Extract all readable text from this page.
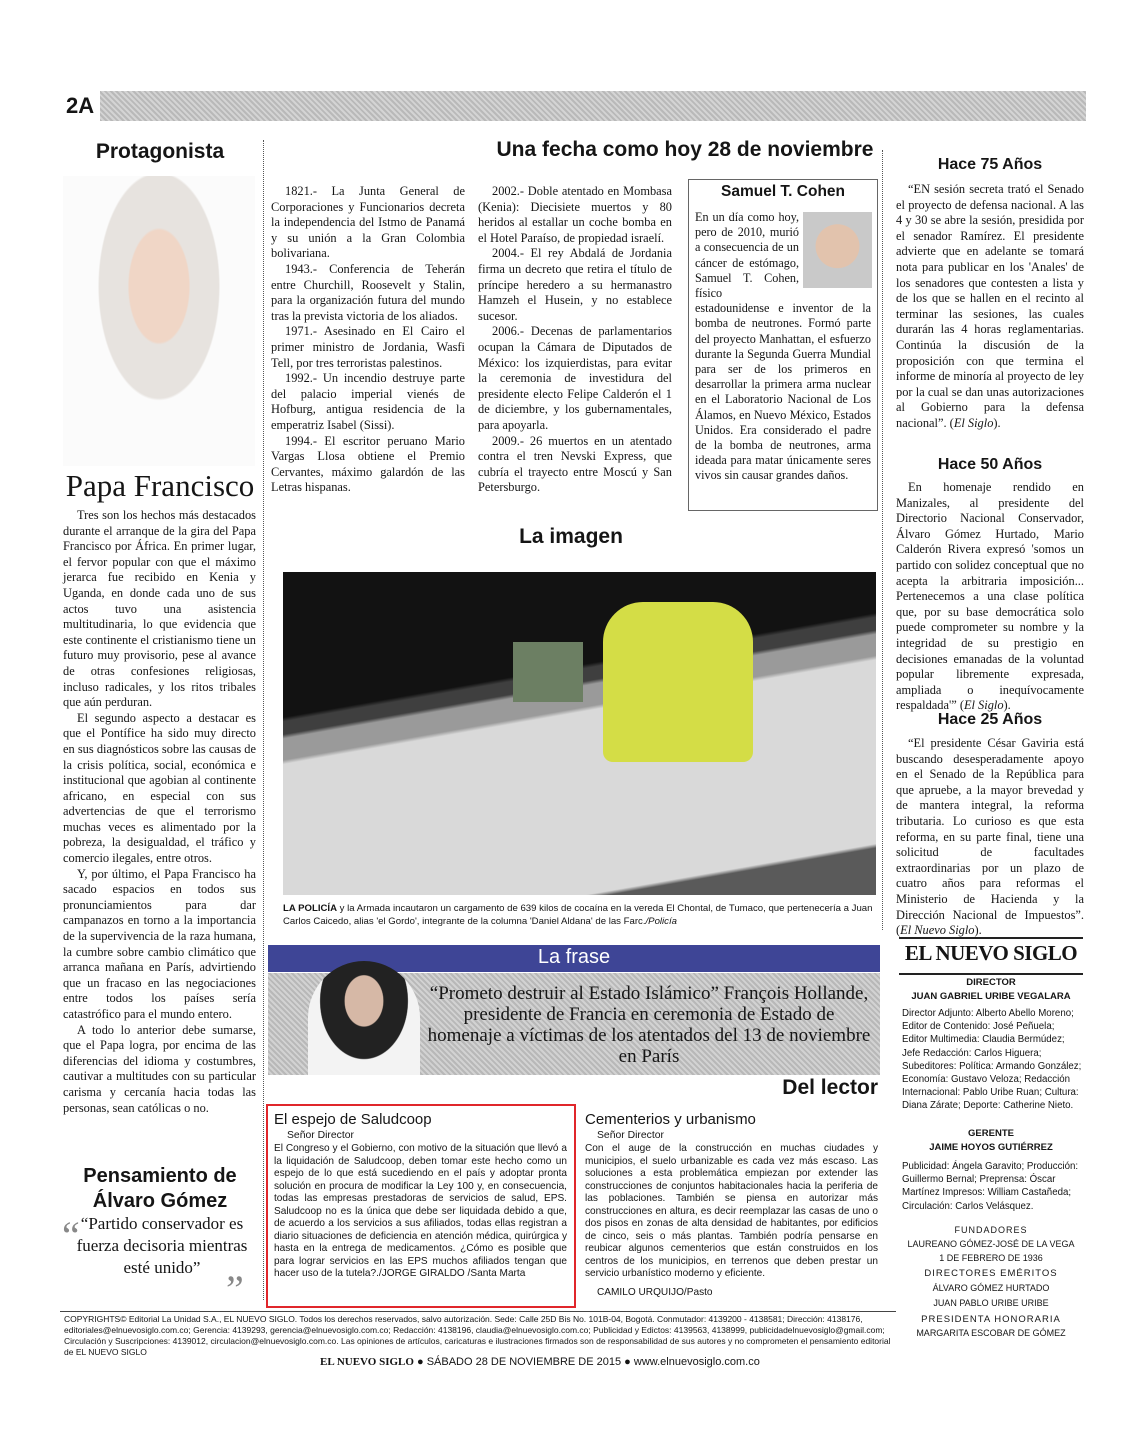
2A
Protagonista
Papa Francisco

Tres son los hechos más destacados durante el arranque de la gira del Papa Francisco por África. En primer lugar, el fervor popular con que el máximo jerarca fue recibido en Kenia y Uganda, en donde cada uno de sus actos tuvo una asistencia multitudinaria, lo que evidencia que este continente el cristianismo tiene un futuro muy provisorio, pese al avance de otras confesiones religiosas, incluso radicales, y los ritos tribales que aún perduran.

El segundo aspecto a destacar es que el Pontífice ha sido muy directo en sus diagnósticos sobre las causas de la crisis política, social, económica e institucional que agobian al continente africano, en especial con sus advertencias de que el terrorismo muchas veces es alimentado por la pobreza, la desigualdad, el tráfico y comercio ilegales, entre otros.

Y, por último, el Papa Francisco ha sacado espacios en todos sus pronunciamientos para dar campanazos en torno a la importancia de la supervivencia de la raza humana, la cumbre sobre cambio climático que arranca mañana en París, advirtiendo que un fracaso en las negociaciones entre todos los países sería catastrófico para el mundo entero.

A todo lo anterior debe sumarse, que el Papa logra, por encima de las diferencias del idioma y costumbres, cautivar a multitudes con su particular carisma y cercanía hacia todas las personas, sean católicas o no.

Pensamiento de Álvaro Gómez
“ “Partido conservador es fuerza decisoria mientras esté unido” ”
Una fecha como hoy 28 de noviembre

1821.- La Junta General de Corporaciones y Funcionarios decreta la independencia del Istmo de Panamá y su unión a la Gran Colombia bolivariana.

1943.- Conferencia de Teherán entre Churchill, Roosevelt y Stalin, para la organización futura del mundo tras la prevista victoria de los aliados.

1971.- Asesinado en El Cairo el primer ministro de Jordania, Wasfi Tell, por tres terroristas palestinos.

1992.- Un incendio destruye parte del palacio imperial vienés de Hofburg, antigua residencia de la emperatriz Isabel (Sissi).

1994.- El escritor peruano Mario Vargas Llosa obtiene el Premio Cervantes, máximo galardón de las Letras hispanas.

2002.- Doble atentado en Mombasa (Kenia): Diecisiete muertos y 80 heridos al estallar un coche bomba en el Hotel Paraíso, de propiedad israelí.

2004.- El rey Abdalá de Jordania firma un decreto que retira el título de príncipe heredero a su hermanastro Hamzeh el Husein, y no establece sucesor.

2006.- Decenas de parlamentarios ocupan la Cámara de Diputados de México: los izquierdistas, para evitar la ceremonia de investidura del presidente electo Felipe Calderón el 1 de diciembre, y los gubernamentales, para apoyarla.

2009.- 26 muertos en un atentado contra el tren Nevski Express, que cubría el trayecto entre Moscú y San Petersburgo.

Samuel T. Cohen
En un día como hoy, pero de 2010, murió a consecuencia de un cáncer de estómago, Samuel T. Cohen, físico estadounidense e inventor de la bomba de neutrones. Formó parte del proyecto Manhattan, el esfuerzo durante la Segunda Guerra Mundial para ser de los primeros en desarrollar la primera arma nuclear en el Laboratorio Nacional de Los Álamos, en Nuevo México, Estados Unidos. Era considerado el padre de la bomba de neutrones, arma ideada para matar únicamente seres vivos sin causar grandes daños.
La imagen
LA POLICÍA y la Armada incautaron un cargamento de 639 kilos de cocaína en la vereda El Chontal, de Tumaco, que pertenecería a Juan Carlos Caicedo, alias 'el Gordo', integrante de la columna 'Daniel Aldana' de las Farc./Policía
La frase
“Prometo destruir al Estado Islámico” François Hollande, presidente de Francia en ceremonia de Estado de homenaje a víctimas de los atentados del 13 de noviembre en París
Del lector
El espejo de Saludcoop
Señor Director
El Congreso y el Gobierno, con motivo de la situación que llevó a la liquidación de Saludcoop, deben tomar este hecho como un espejo de lo que está sucediendo en el país y adoptar pronta solución en procura de modificar la Ley 100 y, en consecuencia, todas las empresas prestadoras de servicios de salud, EPS. Saludcoop no es la única que debe ser liquidada debido a que, de acuerdo a los servicios a sus afiliados, todas ellas registran a diario situaciones de deficiencia en atención médica, quirúrgica y hasta en la entrega de medicamentos. ¿Cómo es posible que para lograr servicios en las EPS muchos afiliados tengan que hacer uso de la tutela?./JORGE GIRALDO /Santa Marta
Cementerios y urbanismo
Señor Director
Con el auge de la construcción en muchas ciudades y municipios, el suelo urbanizable es cada vez más escaso. Las soluciones a esta problemática empiezan por extender las construcciones de conjuntos habitacionales hacia la periferia de las poblaciones. También se piensa en autorizar más construcciones en altura, es decir reemplazar las casas de uno o dos pisos en zonas de alta densidad de habitantes, por edificios de cinco, seis o más plantas. También podría pensarse en reubicar algunos cementerios que están construidos en los centros de los municipios, en terrenos que deben prestar un servicio urbanístico moderno y eficiente.
CAMILO URQUIJO/Pasto
Hace 75 Años
“EN sesión secreta trató el Senado el proyecto de defensa nacional. A las 4 y 30 se abre la sesión, presidida por el senador Ramírez. El presidente advierte que en adelante se tomará nota para publicar en los 'Anales' de los senadores que contesten a lista y de los que se hallen en el recinto al terminar las sesiones, las cuales durarán las 4 horas reglamentarias. Continúa la discusión de la proposición con que termina el informe de minoría al proyecto de ley por la cual se dan unas autorizaciones al Gobierno para la defensa nacional”. (El Siglo).
Hace 50 Años
En homenaje rendido en Manizales, al presidente del Directorio Nacional Conservador, Álvaro Gómez Hurtado, Mario Calderón Rivera expresó 'somos un partido con solidez conceptual que no acepta la arbitraria imposición... Pertenecemos a una clase política que, por su base democrática solo puede comprometer su nombre y la integridad de su prestigio en decisiones emanadas de la voluntad popular libremente expresada, ampliada o inequívocamente respaldada'” (El Siglo).
Hace 25 Años
“El presidente César Gaviria está buscando desesperadamente apoyo en el Senado de la República para que apruebe, a la mayor brevedad y de mantera integral, la reforma tributaria. Lo curioso es que esta reforma, en su parte final, tiene una solicitud de facultades extraordinarias por un plazo de cuatro años para reformas el Ministerio de Hacienda y la Dirección Nacional de Impuestos”. (El Nuevo Siglo).
EL NUEVO SIGLO
DIRECTOR
JUAN GABRIEL URIBE VEGALARA
Director Adjunto: Alberto Abello Moreno; Editor de Contenido: José Peñuela; Editor Multimedia: Claudia Bermúdez; Jefe Redacción: Carlos Higuera; Subeditores: Política: Armando González; Economía: Gustavo Veloza; Redacción Internacional: Pablo Uribe Ruan; Cultura: Diana Zárate; Deporte: Catherine Nieto.
GERENTE
JAIME HOYOS GUTIÉRREZ
Publicidad: Ángela Garavito; Producción: Guillermo Bernal; Preprensa: Óscar Martínez Impresos: William Castañeda; Circulación: Carlos Velásquez.
FUNDADORES
LAUREANO GÓMEZ-JOSÉ DE LA VEGA
1 DE FEBRERO DE 1936
DIRECTORES EMÉRITOS
ÁLVARO GÓMEZ HURTADO
JUAN PABLO URIBE URIBE
PRESIDENTA HONORARIA
MARGARITA ESCOBAR DE GÓMEZ
COPYRIGHTS© Editorial La Unidad S.A., EL NUEVO SIGLO. Todos los derechos reservados, salvo autorización. Sede: Calle 25D Bis No. 101B-04, Bogotá. Conmutador: 4139200 - 4138581; Dirección: 4138176, editoriales@elnuevosiglo.com.co; Gerencia: 4139293, gerencia@elnuevosiglo.com.co; Redacción: 4138196, claudia@elnuevosiglo.com.co; Publicidad y Edictos: 4139563, 4138999, publicidadelnuevosiglo@gmail.com; Circulación y Suscripciones: 4139012, circulacion@elnuevosiglo.com.co. Las opiniones de artículos, caricaturas e ilustraciones firmados son de responsabilidad de sus autores y no comprometen el pensamiento editorial de EL NUEVO SIGLO
EL NUEVO SIGLO ● SÁBADO 28 DE NOVIEMBRE DE 2015 ● www.elnuevosiglo.com.co
